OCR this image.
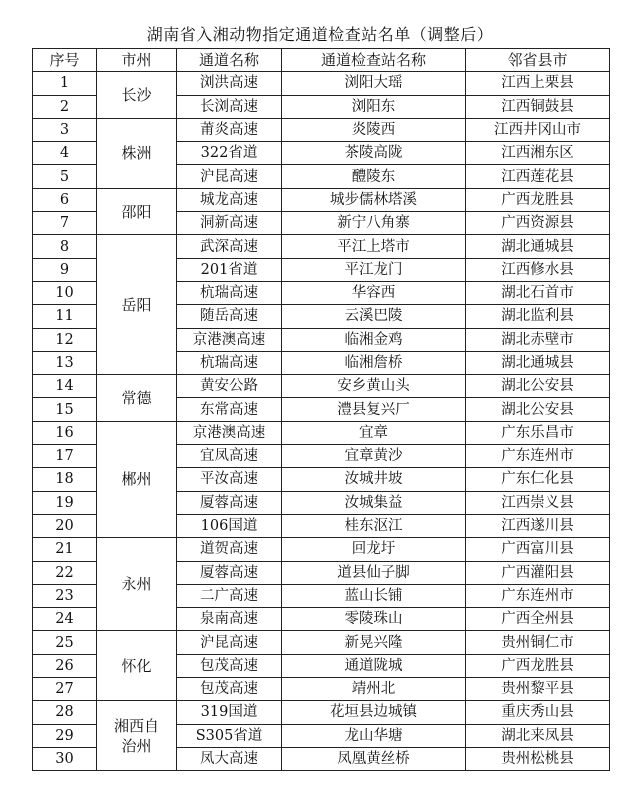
湖南省入湘动物指定通道检查站名单（调整后）
序号	市州	通道名称	通道检查站名称	邻省县市
1	长沙	浏洪高速	浏阳大瑶	江西上栗县
2		长浏高速	浏阳东	江西铜鼓县
3	株洲	莆炎高速	炎陵西	江西井冈山市
4		322省道	茶陵高陇	江西湘东区
5		沪昆高速	醴陵东	江西莲花县
6	邵阳	城龙高速	城步儒林塔溪	广西龙胜县
7		洞新高速	新宁八角寨	广西资源县
8	岳阳	武深高速	平江上塔市	湖北通城县
9		201省道	平江龙门	江西修水县
10		杭瑞高速	华容西	湖北石首市
11		随岳高速	云溪巴陵	湖北监利县
12		京港澳高速	临湘金鸡	湖北赤壁市
13		杭瑞高速	临湘詹桥	湖北通城县
14	常德	黄安公路	安乡黄山头	湖北公安县
15		东常高速	澧县复兴厂	湖北公安县
16	郴州	京港澳高速	宜章	广东乐昌市
17		宜凤高速	宜章黄沙	广东连州市
18		平汝高速	汝城井坡	广东仁化县
19		厦蓉高速	汝城集益	江西崇义县
20		106国道	桂东沤江	江西遂川县
21	永州	道贺高速	回龙圩	广西富川县
22		厦蓉高速	道县仙子脚	广西灌阳县
23		二广高速	蓝山长铺	广东连州市
24		泉南高速	零陵珠山	广西全州县
25	怀化	沪昆高速	新晃兴隆	贵州铜仁市
26		包茂高速	通道陇城	广西龙胜县
27		包茂高速	靖州北	贵州黎平县
28	湘西自治州	319国道	花垣县边城镇	重庆秀山县
29		S305省道	龙山华塘	湖北来凤县
30		凤大高速	凤凰黄丝桥	贵州松桃县
